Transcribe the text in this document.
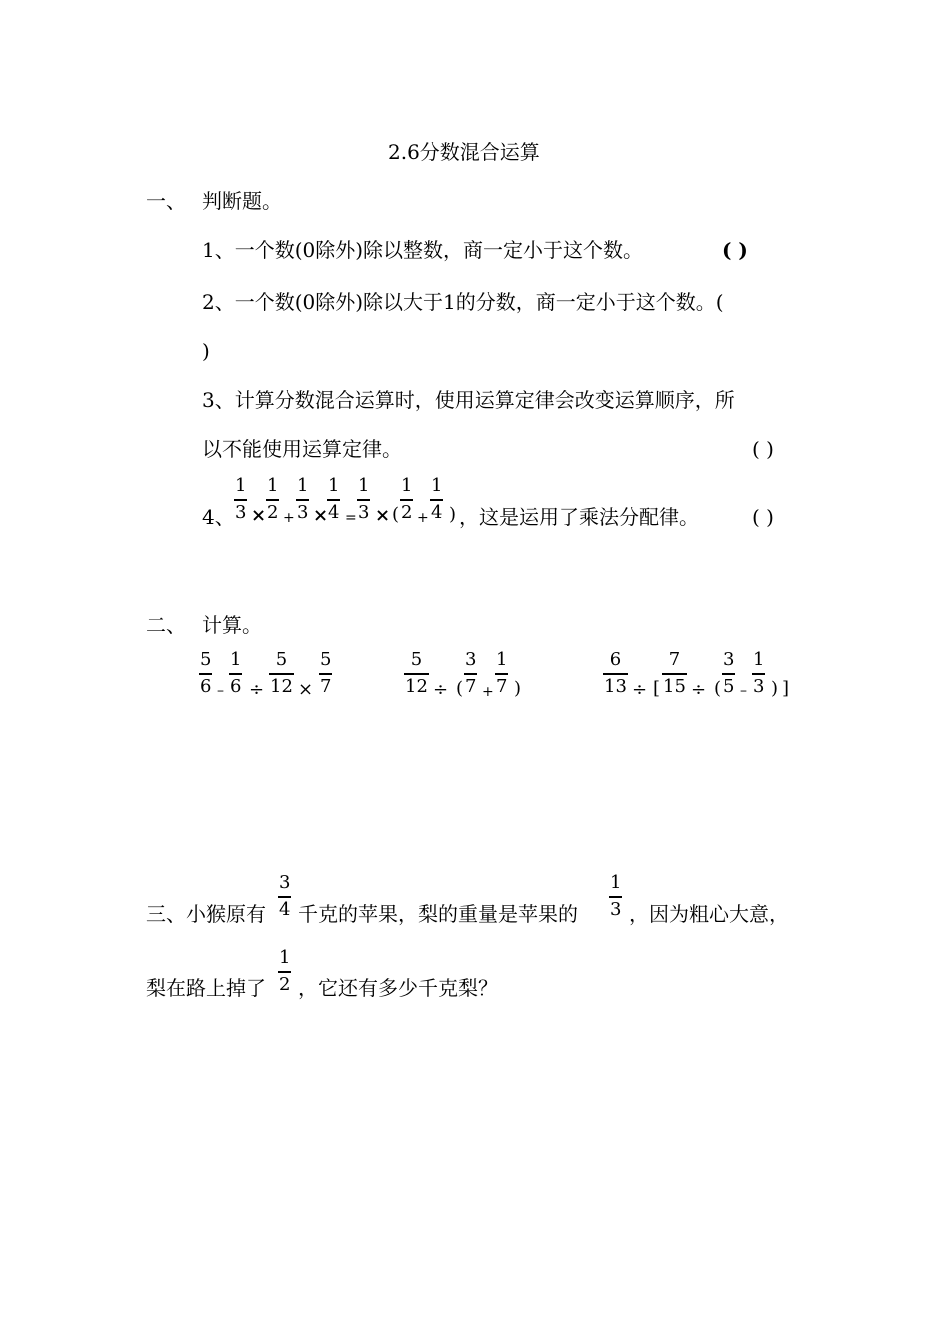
2.6分数混合运算
一、 判断题。
1、一个数(0除外)除以整数，商一定小于这个数。	( )
2、一个数(0除外)除以大于1的分数，商一定小于这个数。(
)
3、计算分数混合运算时，使用运算定律会改变运算顺序，所
以不能使用运算定律。	( )
4、
1
3 ×
1
2 +
1
3 ×
1
4 =
1
3 × (
1
2 +
1
4 ) ，这是运用了乘法分配律。	( )
二、 计算。
5
6 –
1
6 ÷
5
12 ×
5
7
5
12 ÷ (
3
7 +
1
7 )
6
13 ÷ [
7
15 ÷ (
3
5 –
1
3 ) ]
三、小猴原有
3
4 千克的苹果，梨的重量是苹果的
1
3 ，因为粗心大意，
梨在路上掉了
1
2 ，它还有多少千克梨？
